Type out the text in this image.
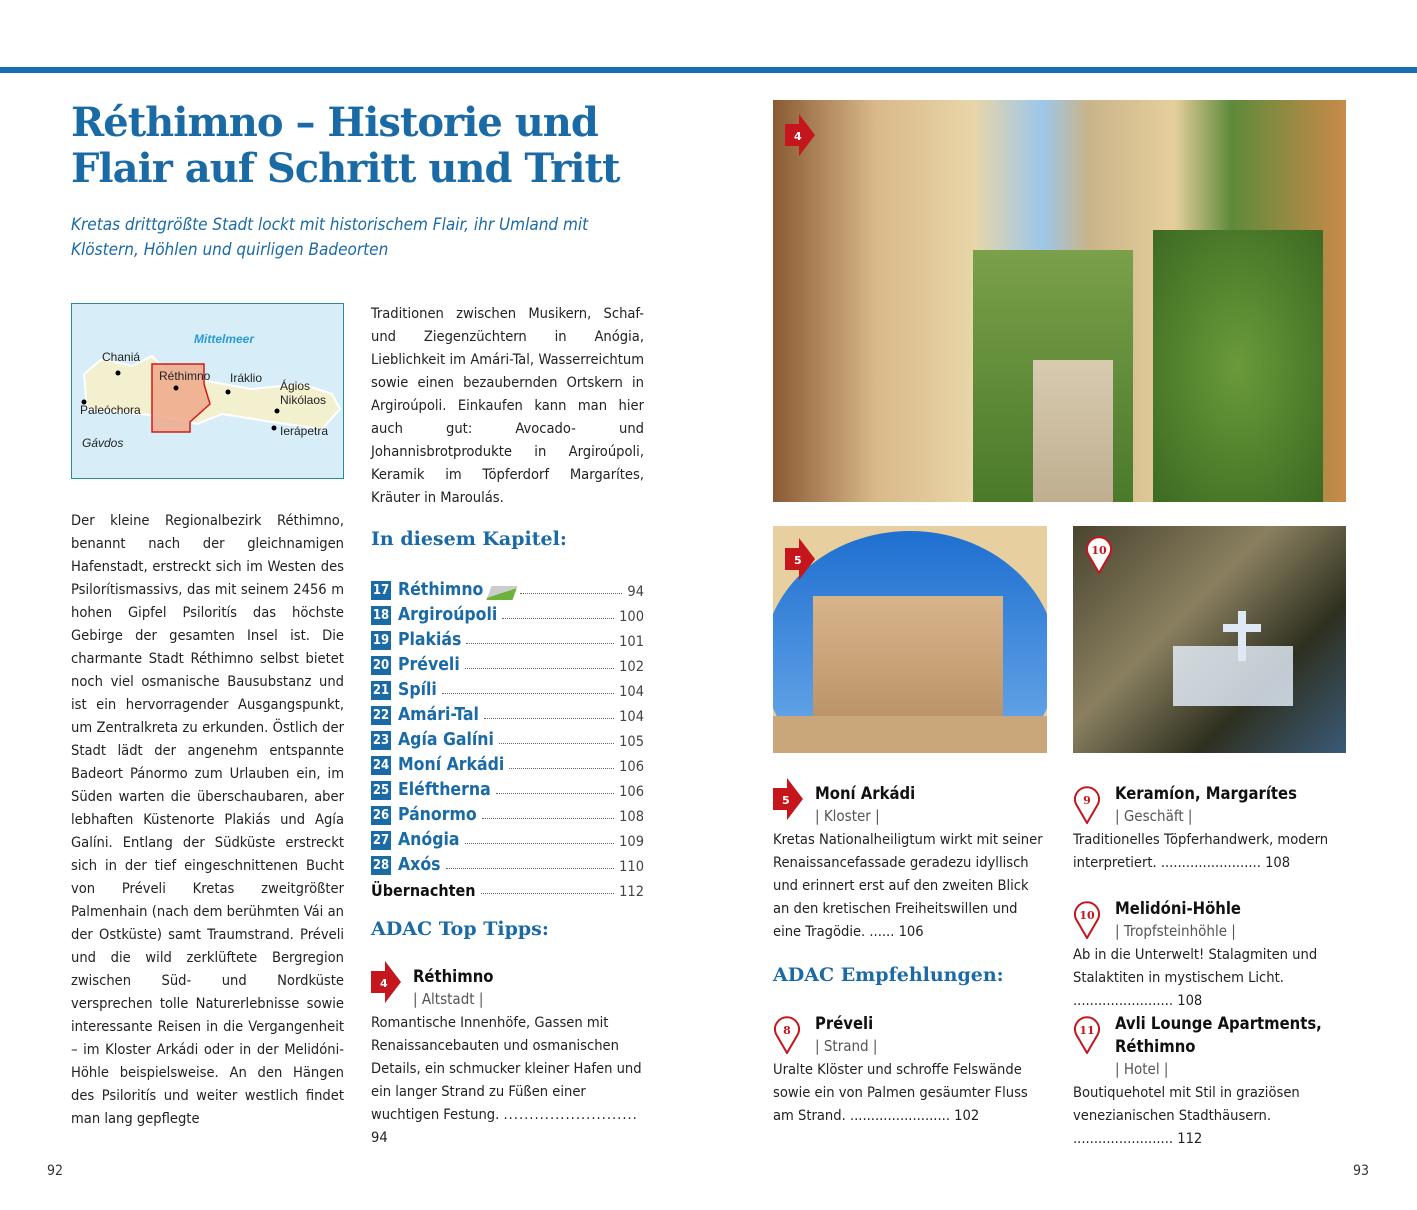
Réthimno – Historie und Flair auf Schritt und Tritt

Kretas drittgrößte Stadt lockt mit historischem Flair, ihr Umland mit Klöstern, Höhlen und quirligen Badeorten

Mittelmeer
Chaniá
Réthimno Iráklio
Ágios Nikólaos
Paleóchora
Gávdos
Ierápetra

Der kleine Regionalbezirk Réthimno, benannt nach der gleichnamigen Hafenstadt, erstreckt sich im Westen des Psilorítismassivs, das mit seinem 2456 m hohen Gipfel Psiloritís das höchste Gebirge der gesamten Insel ist. Die charmante Stadt Réthimno selbst bietet noch viel osmanische Bausubstanz und ist ein hervorragender Ausgangspunkt, um Zentralkreta zu erkunden. Östlich der Stadt lädt der angenehm entspannte Badeort Pánormo zum Urlauben ein, im Süden warten die überschaubaren, aber lebhaften Küstenorte Plakiás und Agía Galíni. Entlang der Südküste erstreckt sich in der tief eingeschnittenen Bucht von Préveli Kretas zweitgrößter Palmenhain (nach dem berühmten Vái an der Ostküste) samt Traumstrand. Préveli und die wild zerklüftete Bergregion zwischen Süd- und Nordküste versprechen tolle Naturerlebnisse sowie interessante Reisen in die Vergangenheit – im Kloster Arkádi oder in der Melidóni-Höhle beispielsweise. An den Hängen des Psiloritís und weiter westlich findet man lang gepflegte

Traditionen zwischen Musikern, Schaf- und Ziegenzüchtern in Anógia, Lieblichkeit im Amári-Tal, Wasserreichtum sowie einen bezaubernden Ortskern in Argiroúpoli. Einkaufen kann man hier auch gut: Avocado- und Johannisbrotprodukte in Argiroúpoli, Keramik im Töpferdorf Margarítes, Kräuter in Maroulás.

In diesem Kapitel:
17 Réthimno	94
18 Argiroúpoli	100
19 Plakiás	101
20 Préveli	102
21 Spíli	104
22 Amári-Tal	104
23 Agía Galíni	105
24 Moní Arkádi	106
25 Eléftherna	106
26 Pánormo	108
27 Anógia	109
28 Axós	110
Übernachten	112
ADAC Top Tipps:
4 Réthimno
| Altstadt |
Romantische Innenhöfe, Gassen mit Renaissancebauten und osmanischen Details, ein schmucker kleiner Hafen und ein langer Strand zu Füßen einer wuchtigen Festung. .......................... 94
4
5
10
5 Moní Arkádi
| Kloster |
Kretas Nationalheiligtum wirkt mit seiner Renaissancefassade geradezu idyllisch und erinnert erst auf den zweiten Blick an den kretischen Freiheitswillen und eine Tragödie. ...... 106
ADAC Empfehlungen:
8 Préveli
| Strand |
Uralte Klöster und schroffe Felswände sowie ein von Palmen gesäumter Fluss am Strand. ........................ 102
9 Keramíon, Margarítes
| Geschäft |
Traditionelles Töpferhandwerk, modern interpretiert. ........................ 108
10 Melidóni-Höhle
| Tropfsteinhöhle |
Ab in die Unterwelt! Stalagmiten und Stalaktiten in mystischem Licht. ........................ 108
11 Avli Lounge Apartments, Réthimno
| Hotel |
Boutiquehotel mit Stil in graziösen venezianischen Stadthäusern. ........................ 112
92	93
